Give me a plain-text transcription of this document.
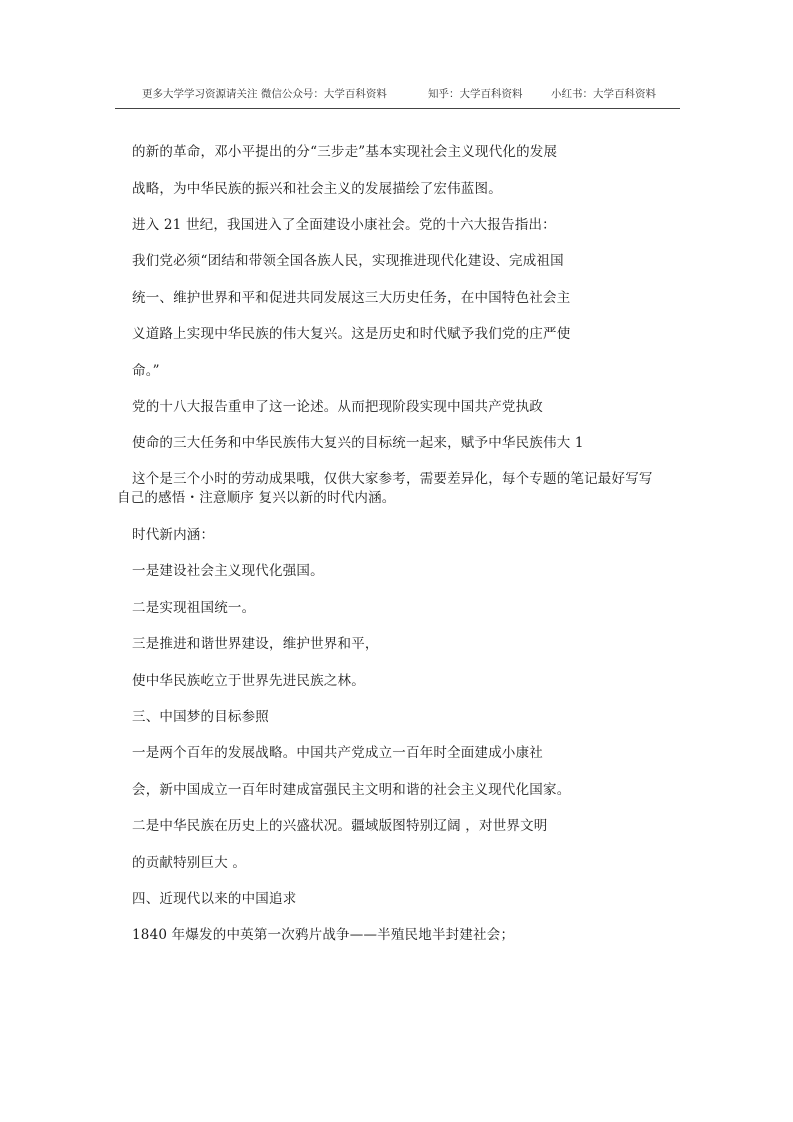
更多大学学习资源请关注 微信公众号：大学百科资料	知乎：大学百科资料	小红书：大学百科资料
的新的革命，邓小平提出的分“三步走”基本实现社会主义现代化的发展
战略，为中华民族的振兴和社会主义的发展描绘了宏伟蓝图。
进入 21 世纪，我国进入了全面建设小康社会。党的十六大报告指出：
我们党必须“团结和带领全国各族人民，实现推进现代化建设、完成祖国
统一、维护世界和平和促进共同发展这三大历史任务，在中国特色社会主
义道路上实现中华民族的伟大复兴。这是历史和时代赋予我们党的庄严使
命。”
党的十八大报告重申了这一论述。从而把现阶段实现中国共产党执政
使命的三大任务和中华民族伟大复兴的目标统一起来，赋予中华民族伟大 1
这个是三个小时的劳动成果哦，仅供大家参考，需要差异化，每个专题的笔记最好写写
自己的感悟・注意顺序 复兴以新的时代内涵。
时代新内涵：
一是建设社会主义现代化强国。
二是实现祖国统一。
三是推进和谐世界建设，维护世界和平，
使中华民族屹立于世界先进民族之林。
三、中国梦的目标参照
一是两个百年的发展战略。中国共产党成立一百年时全面建成小康社
会，新中国成立一百年时建成富强民主文明和谐的社会主义现代化国家。
二是中华民族在历史上的兴盛状况。疆域版图特别辽阔 ，对世界文明
的贡献特别巨大 。
四、近现代以来的中国追求
1840 年爆发的中英第一次鸦片战争——半殖民地半封建社会；
